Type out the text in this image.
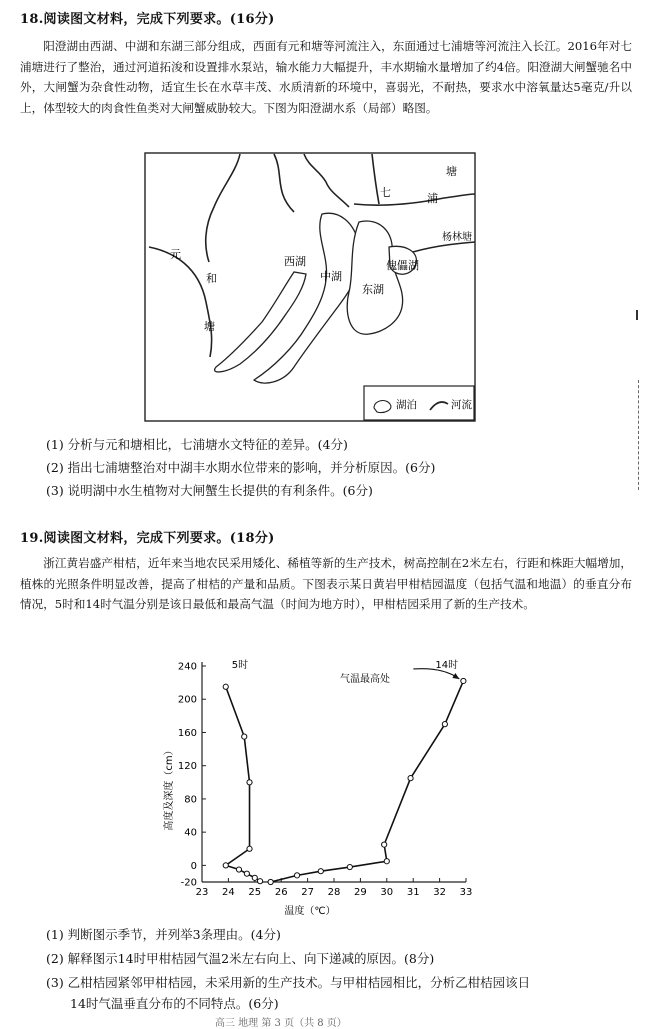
18.阅读图文材料，完成下列要求。(16分)
阳澄湖由西湖、中湖和东湖三部分组成，西面有元和塘等河流注入，东面通过七浦塘等河流注入长江。2016年对七浦塘进行了整治，通过河道拓浚和设置排水泵站，输水能力大幅提升，丰水期输水量增加了约4倍。阳澄湖大闸蟹驰名中外，大闸蟹为杂食性动物，适宜生长在水草丰茂、水质清新的环境中，喜弱光，不耐热，要求水中溶氧量达5毫克/升以上，体型较大的肉食性鱼类对大闸蟹威胁较大。下图为阳澄湖水系（局部）略图。
西湖
中湖
东湖
傀儡湖
杨林塘
元
和
塘
七	浦
塘
湖泊	河流
(1) 分析与元和塘相比，七浦塘水文特征的差异。(4分)
(2) 指出七浦塘整治对中湖丰水期水位带来的影响，并分析原因。(6分)
(3) 说明湖中水生植物对大闸蟹生长提供的有利条件。(6分)
19.阅读图文材料，完成下列要求。(18分)
浙江黄岩盛产柑桔，近年来当地农民采用矮化、稀植等新的生产技术，树高控制在2米左右，行距和株距大幅增加，植株的光照条件明显改善，提高了柑桔的产量和品质。下图表示某日黄岩甲柑桔园温度（包括气温和地温）的垂直分布情况，5时和14时气温分别是该日最低和最高气温（时间为地方时），甲柑桔园采用了新的生产技术。
23 24 25 26 27 28 29 30 31 32 33
-20
0
40
80
120
160
200
240	5时	14时
温度（℃）
高度及深度（cm）
气温最高处
(1) 判断图示季节，并列举3条理由。(4分)
(2) 解释图示14时甲柑桔园气温2米左右向上、向下递减的原因。(8分)
(3) 乙柑桔园紧邻甲柑桔园，未采用新的生产技术。与甲柑桔园相比，分析乙柑桔园该日
14时气温垂直分布的不同特点。(6分)
高三 地理 第 3 页（共 8 页）
